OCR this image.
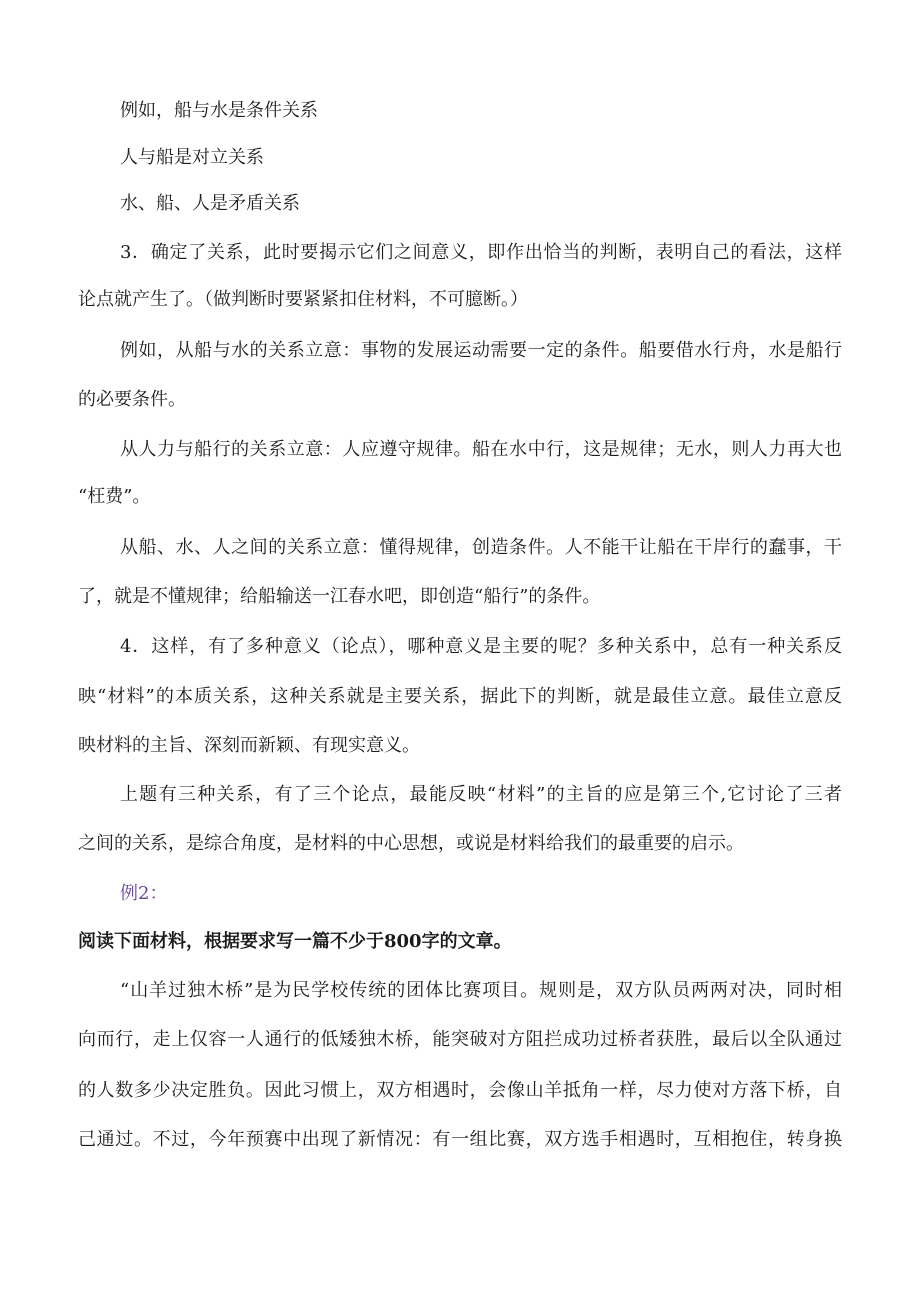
例如，船与水是条件关系

人与船是对立关系

水、船、人是矛盾关系

3．确定了关系，此时要揭示它们之间意义，即作出恰当的判断，表明自己的看法，这样

论点就产生了。（做判断时要紧紧扣住材料，不可臆断。）

例如，从船与水的关系立意：事物的发展运动需要一定的条件。船要借水行舟，水是船行

的必要条件。

从人力与船行的关系立意：人应遵守规律。船在水中行，这是规律；无水，则人力再大也

“枉费”。

从船、水、人之间的关系立意：懂得规律，创造条件。人不能干让船在干岸行的蠢事，干

了，就是不懂规律；给船输送一江春水吧，即创造“船行”的条件。

4．这样，有了多种意义（论点），哪种意义是主要的呢？多种关系中，总有一种关系反

映“材料”的本质关系，这种关系就是主要关系，据此下的判断，就是最佳立意。最佳立意反

映材料的主旨、深刻而新颖、有现实意义。

上题有三种关系，有了三个论点，最能反映“材料”的主旨的应是第三个,它讨论了三者

之间的关系，是综合角度，是材料的中心思想，或说是材料给我们的最重要的启示。

例2：

阅读下面材料，根据要求写一篇不少于800字的文章。

“山羊过独木桥”是为民学校传统的团体比赛项目。规则是，双方队员两两对决，同时相

向而行，走上仅容一人通行的低矮独木桥，能突破对方阻拦成功过桥者获胜，最后以全队通过

的人数多少决定胜负。因此习惯上，双方相遇时，会像山羊抵角一样，尽力使对方落下桥，自

己通过。不过，今年预赛中出现了新情况：有一组比赛，双方选手相遇时，互相抱住，转身换
